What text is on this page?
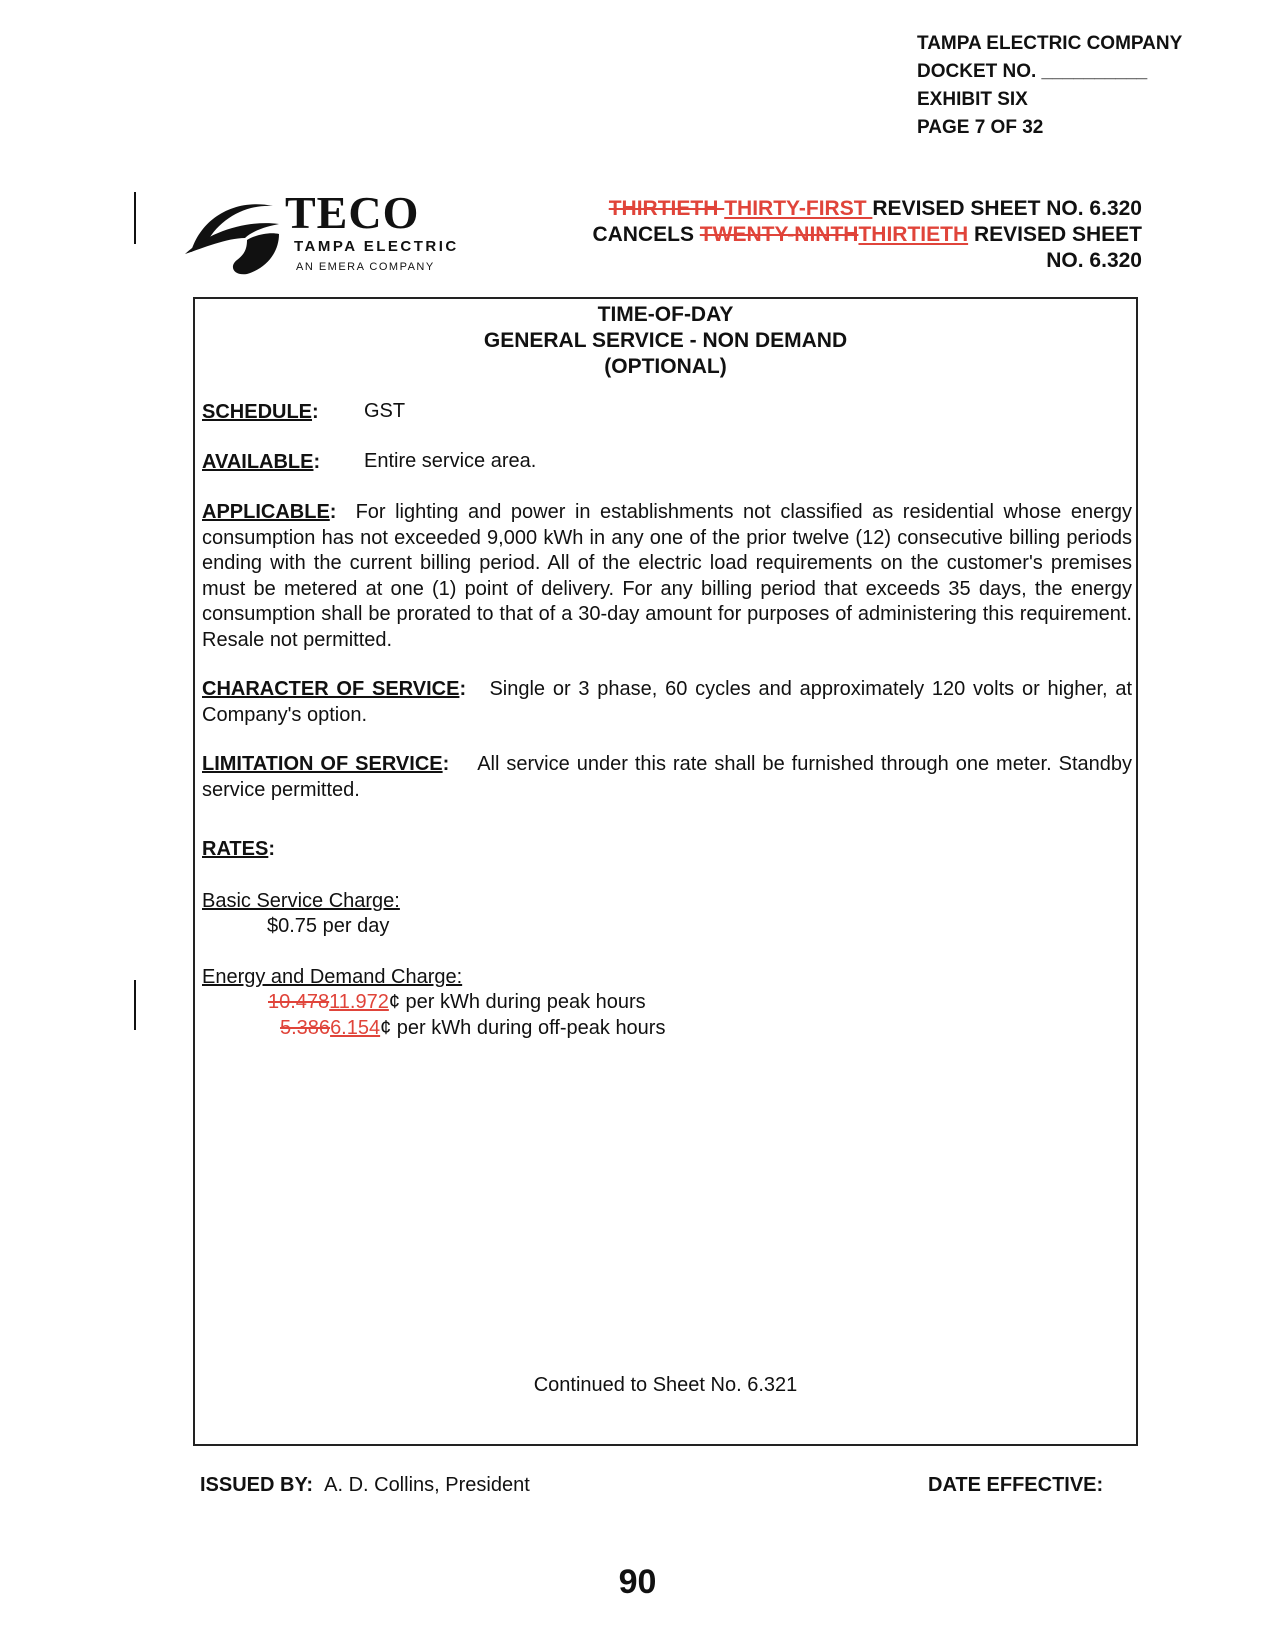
TAMPA ELECTRIC COMPANY
DOCKET NO. __________
EXHIBIT SIX
PAGE 7 OF 32
TECO
TAMPA ELECTRIC
AN EMERA COMPANY
THIRTIETH THIRTY-FIRST REVISED SHEET NO. 6.320
CANCELS TWENTY-NINTHTHIRTIETH REVISED SHEET
NO. 6.320
TIME-OF-DAY
GENERAL SERVICE - NON DEMAND
(OPTIONAL)
SCHEDULE:	GST
AVAILABLE:	Entire service area.
APPLICABLE: For lighting and power in establishments not classified as residential whose energy consumption has not exceeded 9,000 kWh in any one of the prior twelve (12) consecutive billing periods ending with the current billing period. All of the electric load requirements on the customer's premises must be metered at one (1) point of delivery. For any billing period that exceeds 35 days, the energy consumption shall be prorated to that of a 30-day amount for purposes of administering this requirement. Resale not permitted.
CHARACTER OF SERVICE: Single or 3 phase, 60 cycles and approximately 120 volts or higher, at Company's option.
LIMITATION OF SERVICE: All service under this rate shall be furnished through one meter. Standby service permitted.
RATES:
Basic Service Charge:
$0.75 per day
Energy and Demand Charge:
10.47811.972¢ per kWh during peak hours
5.3866.154¢ per kWh during off-peak hours
Continued to Sheet No. 6.321
ISSUED BY: A. D. Collins, President	DATE EFFECTIVE:
90
